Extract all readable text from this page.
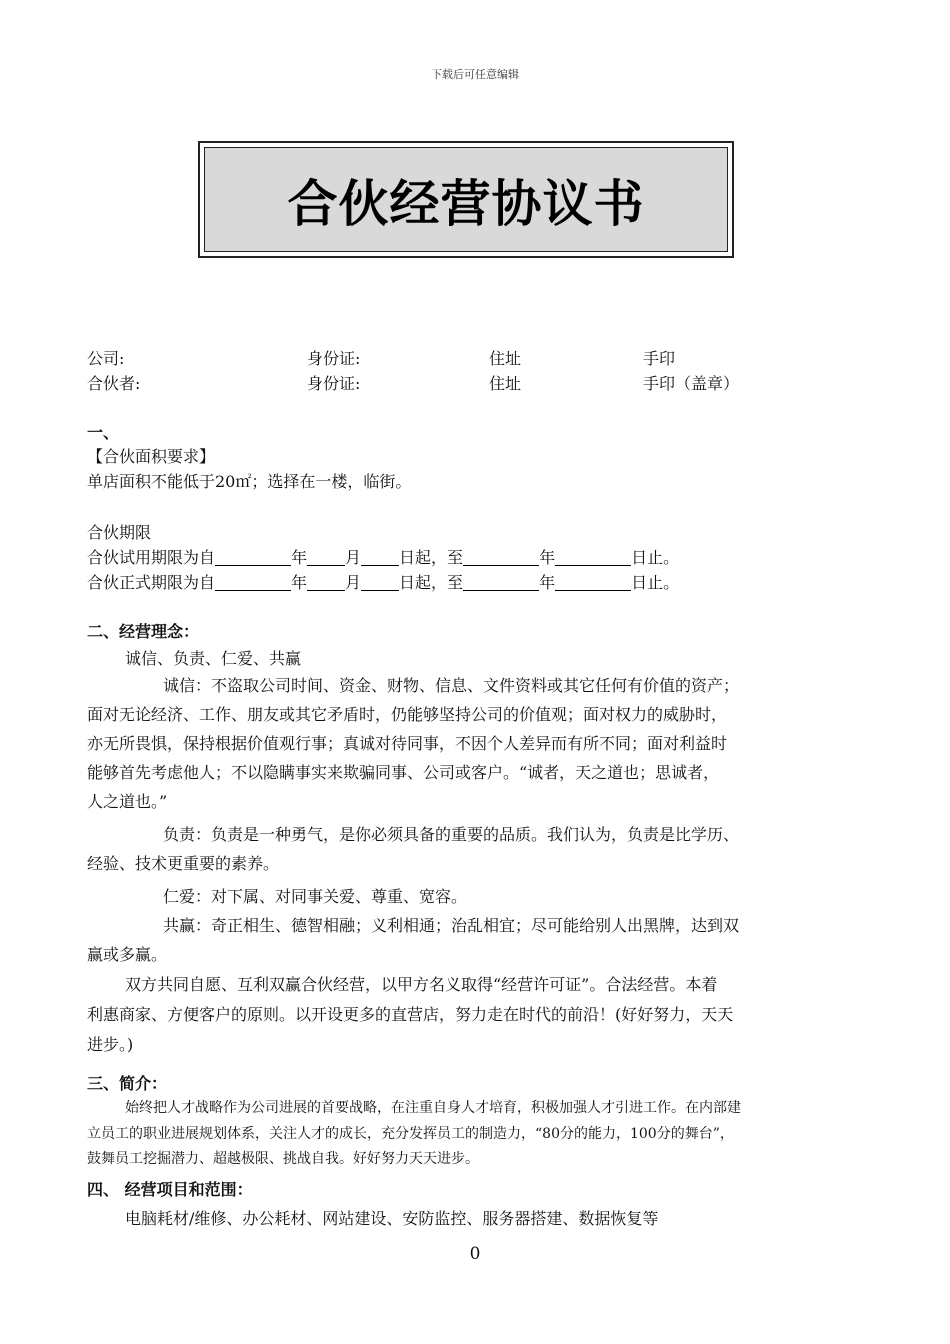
下载后可任意编辑
合伙经营协议书
公司:	身份证:	住址	手印
合伙者:	身份证:	住址	手印（盖章）
一、
【合伙面积要求】
单店面积不能低于20㎡；选择在一楼，临街。
合伙期限
合伙试用期限为自	年 月 日起，至	年	日止。
合伙正式期限为自	年 月 日起，至	年	日止。
二、经营理念：
诚信、负责、仁爱、共赢
诚信：不盗取公司时间、资金、财物、信息、文件资料或其它任何有价值的资产；
面对无论经济、工作、朋友或其它矛盾时，仍能够坚持公司的价值观；面对权力的威胁时，
亦无所畏惧，保持根据价值观行事；真诚对待同事，不因个人差异而有所不同；面对利益时
能够首先考虑他人；不以隐瞒事实来欺骗同事、公司或客户。“诚者，天之道也；思诚者，
人之道也。”
负责：负责是一种勇气，是你必须具备的重要的品质。我们认为，负责是比学历、
经验、技术更重要的素养。
仁爱：对下属、对同事关爱、尊重、宽容。
共赢：奇正相生、德智相融；义利相通；治乱相宜；尽可能给别人出黑牌，达到双
赢或多赢。
双方共同自愿、互利双赢合伙经营，以甲方名义取得“经营许可证”。合法经营。本着
利惠商家、方便客户的原则。以开设更多的直营店，努力走在时代的前沿！(好好努力，天天
进步。)
三、简介：
始终把人才战略作为公司进展的首要战略，在注重自身人才培育，积极加强人才引进工作。在内部建
立员工的职业进展规划体系，关注人才的成长，充分发挥员工的制造力，“80分的能力，100分的舞台”，
鼓舞员工挖掘潜力、超越极限、挑战自我。好好努力天天进步。
四、 经营项目和范围：
电脑耗材/维修、办公耗材、网站建设、安防监控、服务器搭建、数据恢复等
0
